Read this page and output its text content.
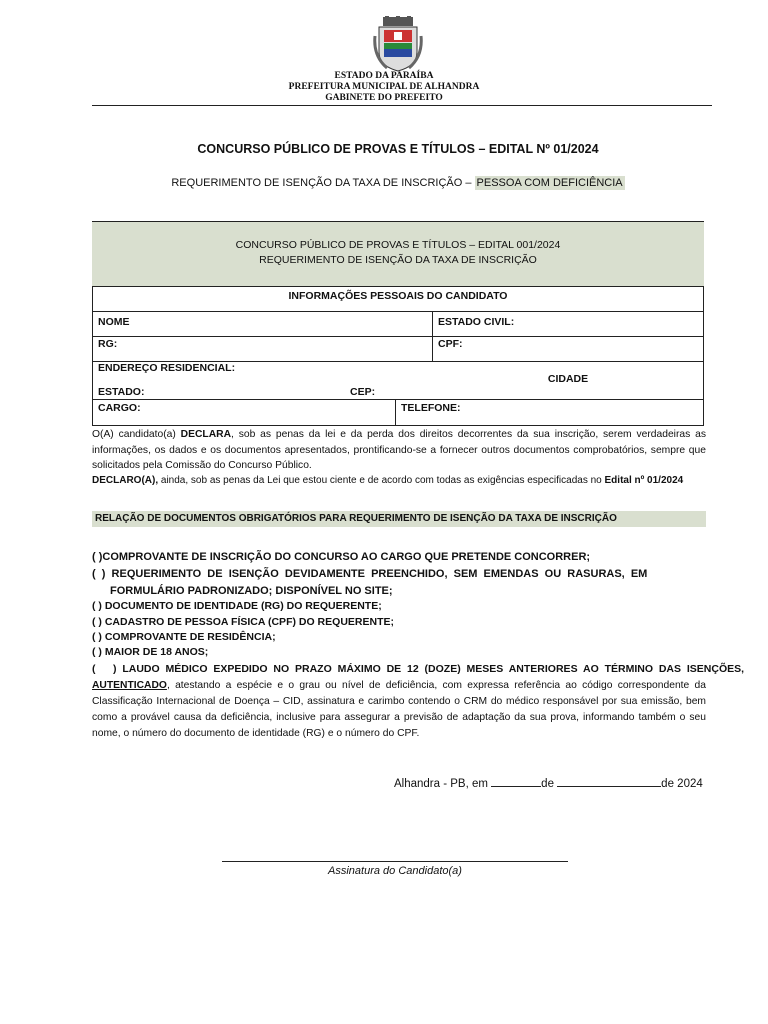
ESTADO DA PARAÍBA
PREFEITURA MUNICIPAL DE ALHANDRA
GABINETE DO PREFEITO
CONCURSO PÚBLICO DE PROVAS E TÍTULOS – EDITAL Nº 01/2024
REQUERIMENTO DE ISENÇÃO DA TAXA DE INSCRIÇÃO – PESSOA COM DEFICIÊNCIA
CONCURSO PÚBLICO DE PROVAS E TÍTULOS – EDITAL 001/2024
REQUERIMENTO DE ISENÇÃO DA TAXA DE INSCRIÇÃO
INFORMAÇÕES PESSOAIS DO CANDIDATO
NOME	ESTADO CIVIL:
RG:	CPF:
ENDEREÇO RESIDENCIAL:
CIDADE
ESTADO:	CEP:
CARGO:	TELEFONE:
O(A) candidato(a) DECLARA, sob as penas da lei e da perda dos direitos decorrentes da sua inscrição, serem verdadeiras as informações, os dados e os documentos apresentados, prontificando-se a fornecer outros documentos comprobatórios, sempre que solicitados pela Comissão do Concurso Público.
DECLARO(A), ainda, sob as penas da Lei que estou ciente e de acordo com todas as exigências especificadas no Edital nº 01/2024
RELAÇÃO DE DOCUMENTOS OBRIGATÓRIOS PARA REQUERIMENTO DE ISENÇÃO DA TAXA DE INSCRIÇÃO
( )COMPROVANTE DE INSCRIÇÃO DO CONCURSO AO CARGO QUE PRETENDE CONCORRER;
(  )  REQUERIMENTO  DE  ISENÇÃO  DEVIDAMENTE  PREENCHIDO,  SEM  EMENDAS  OU  RASURAS,  EM
FORMULÁRIO PADRONIZADO; DISPONÍVEL NO SITE;
( ) DOCUMENTO DE IDENTIDADE (RG) DO REQUERENTE;
( ) CADASTRO DE PESSOA FÍSICA (CPF) DO REQUERENTE;
( ) COMPROVANTE DE RESIDÊNCIA;
( ) MAIOR DE 18 ANOS;
(      )  LAUDO  MÉDICO  EXPEDIDO  NO  PRAZO  MÁXIMO  DE  12  (DOZE)  MESES  ANTERIORES  AO  TÉRMINO  DAS  ISENÇÕES, AUTENTICADO, atestando a espécie e o grau ou nível de deficiência, com expressa referência ao código correspondente da Classificação Internacional de Doença – CID, assinatura e carimbo contendo o CRM do médico responsável por sua emissão, bem como a provável causa da deficiência, inclusive para assegurar a previsão de adaptação da sua prova, informando também o seu nome, o número do documento de identidade (RG) e o número do CPF.
Alhandra - PB, em	de	de 2024
Assinatura do Candidato(a)
